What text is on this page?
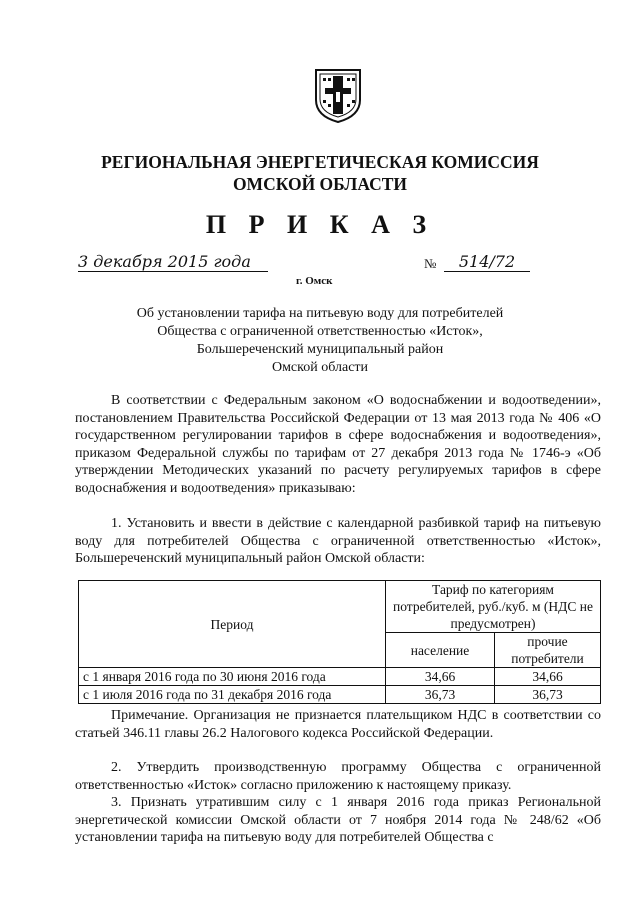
РЕГИОНАЛЬНАЯ ЭНЕРГЕТИЧЕСКАЯ КОМИССИЯ
ОМСКОЙ ОБЛАСТИ
П Р И К А З
3 декабря 2015 года
г. Омск
№	514/72
Об установлении тарифа на питьевую воду для потребителей
Общества с ограниченной ответственностью «Исток»,
Большереченский муниципальный район
Омской области
В соответствии с Федеральным законом «О водоснабжении и водоотведении», постановлением Правительства Российской Федерации от 13 мая 2013 года № 406 «О государственном регулировании тарифов в сфере водоснабжения и водоотведения», приказом Федеральной службы по тарифам от 27 декабря 2013 года № 1746-э «Об утверждении Методических указаний по расчету регулируемых тарифов в сфере водоснабжения и водоотведения» приказываю:
1. Установить и ввести в действие с календарной разбивкой тариф на питьевую воду для потребителей Общества с ограниченной ответственностью «Исток», Большереченский муниципальный район Омской области:
Период	Тариф по категориям потребителей, руб./куб. м (НДС не предусмотрен)	
	население	прочие потребители
с 1 января 2016 года по 30 июня 2016 года	34,66	34,66
с 1 июля 2016 года по 31 декабря 2016 года	36,73	36,73
Примечание. Организация не признается плательщиком НДС в соответствии со статьей 346.11 главы 26.2 Налогового кодекса Российской Федерации.
2. Утвердить производственную программу Общества с ограниченной ответственностью «Исток» согласно приложению к настоящему приказу.
3. Признать утратившим силу с 1 января 2016 года приказ Региональной энергетической комиссии Омской области от 7 ноября 2014 года № 248/62 «Об установлении тарифа на питьевую воду для потребителей Общества с
